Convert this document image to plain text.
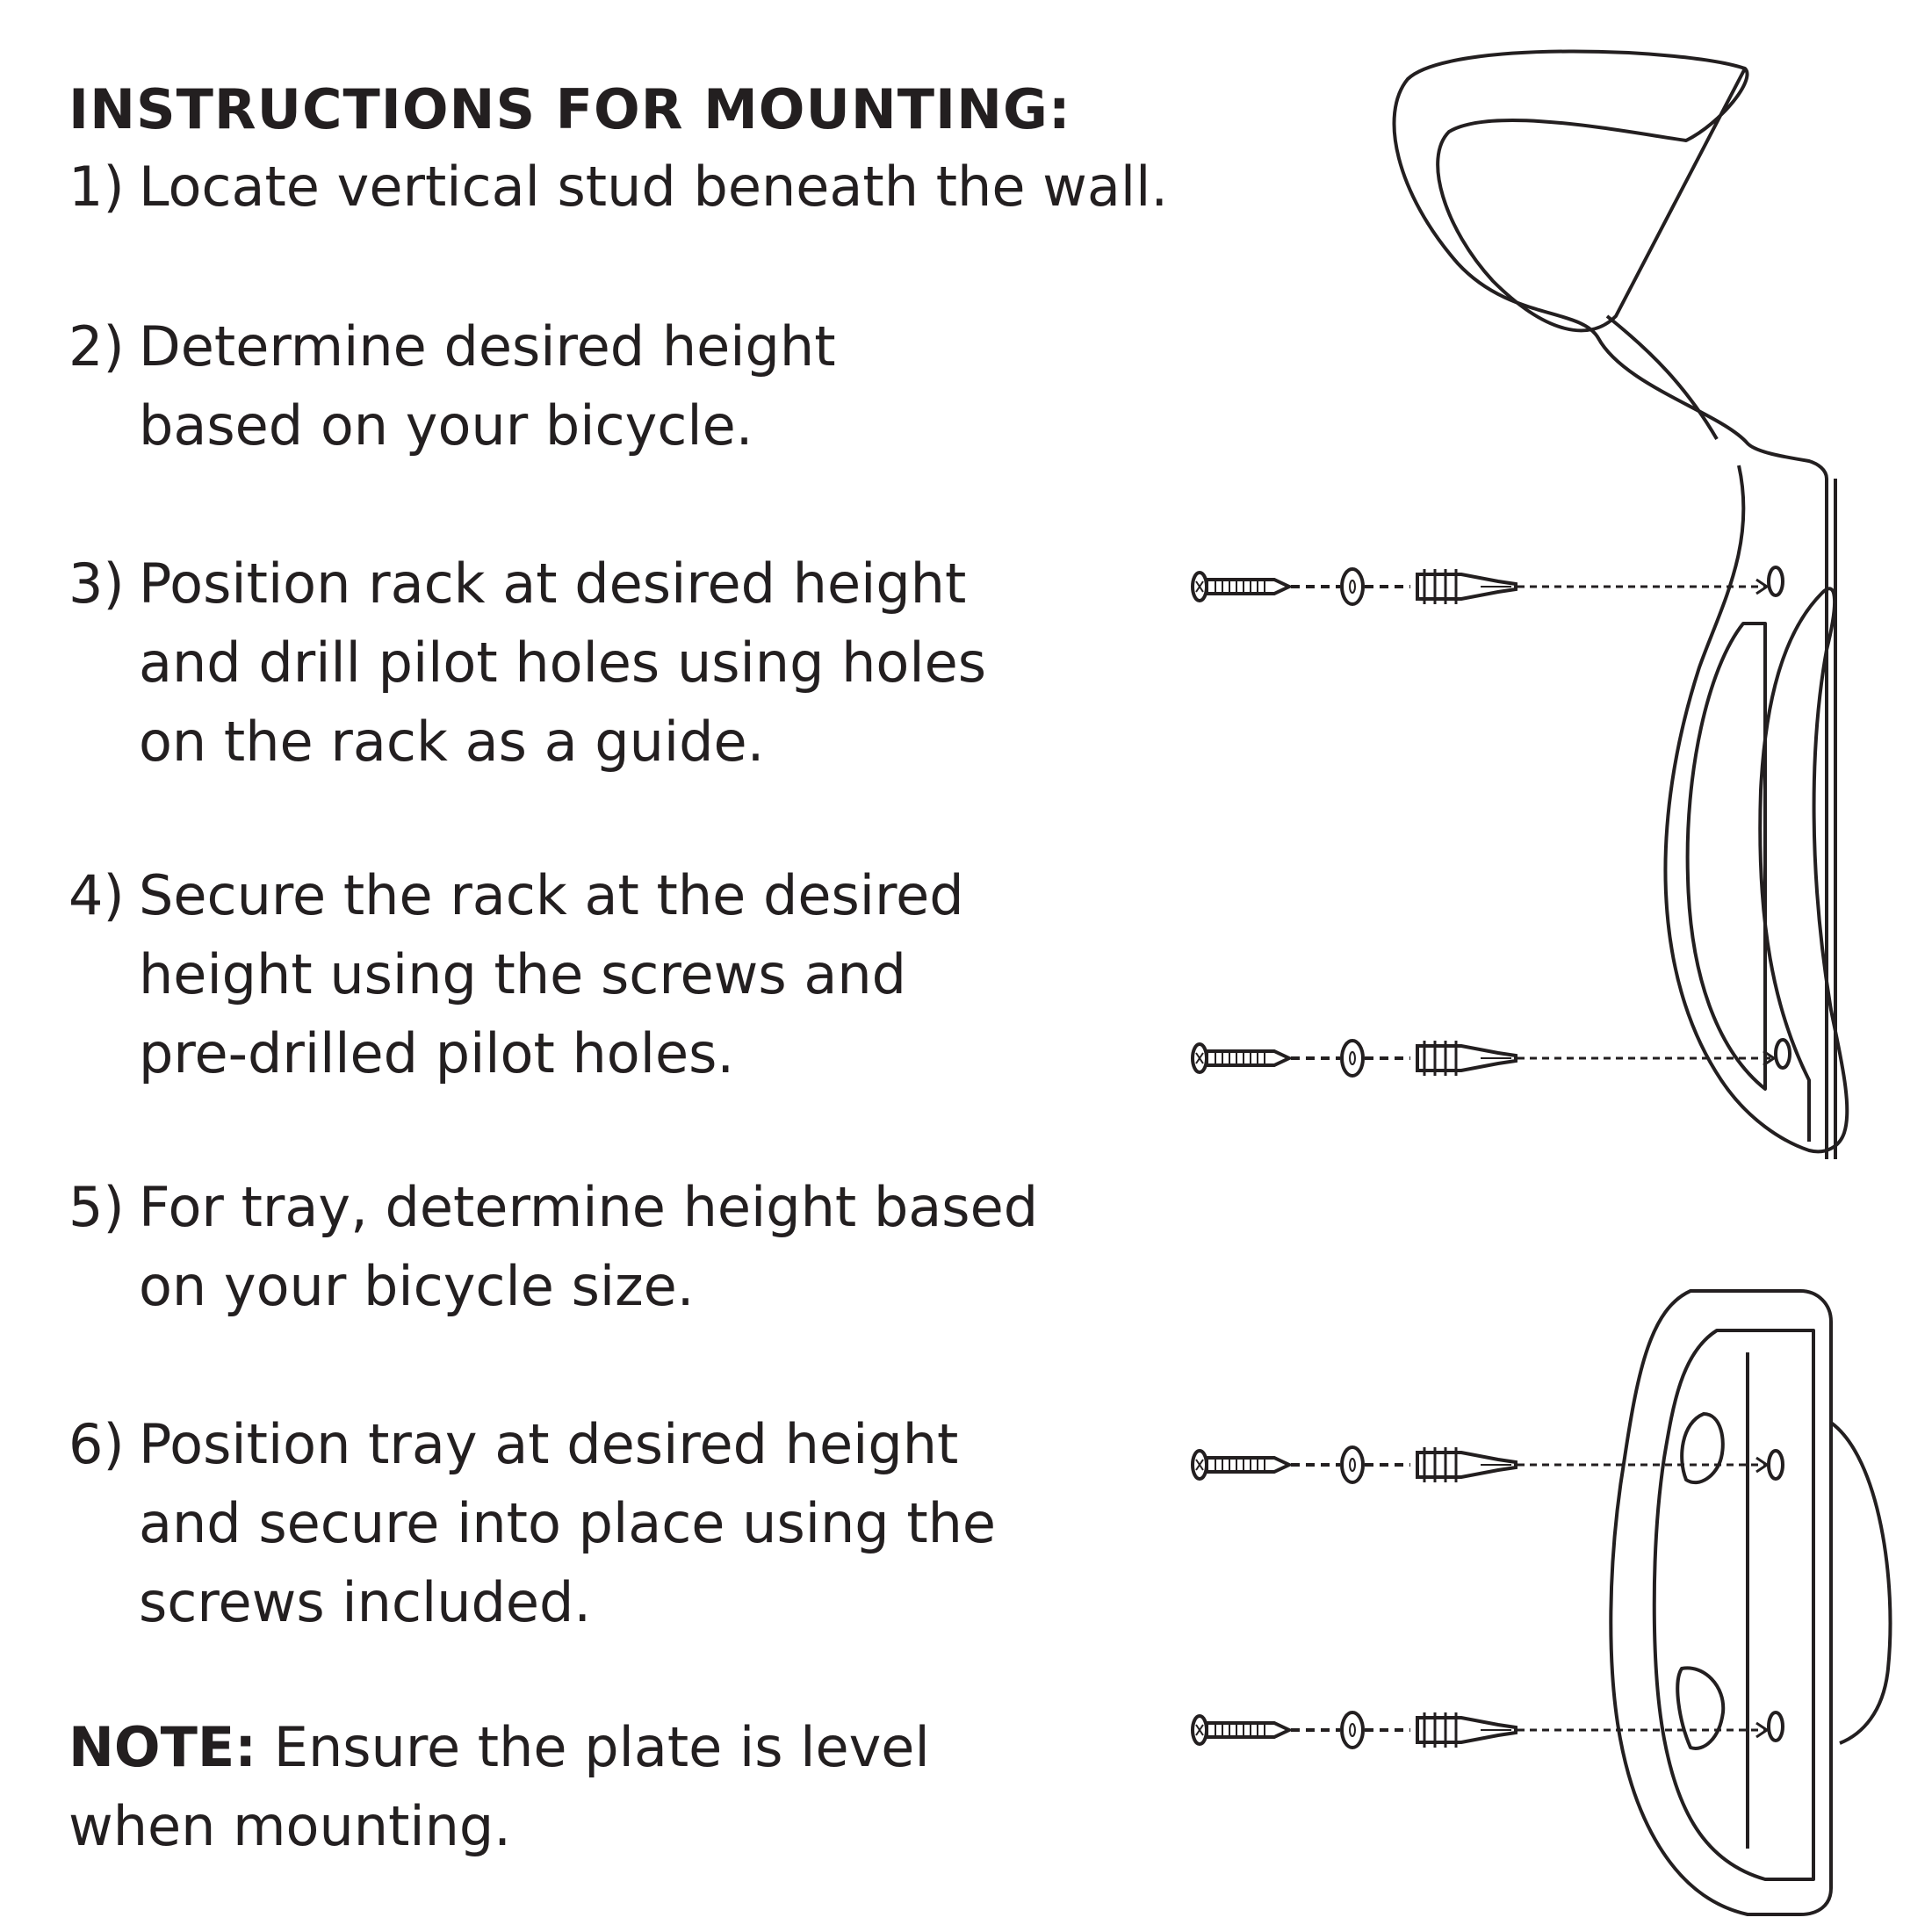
INSTRUCTIONS FOR MOUNTING:

1) Locate vertical stud beneath the wall.

2) Determine desired height
based on your bicycle.

3) Position rack at desired height
and drill pilot holes using holes
on the rack as a guide.

4) Secure the rack at the desired
height using the screws and
pre-drilled pilot holes.

5) For tray, determine height based
on your bicycle size.

6) Position tray at desired height
and secure into place using the
screws included.

NOTE: Ensure the plate is level
when mounting.
